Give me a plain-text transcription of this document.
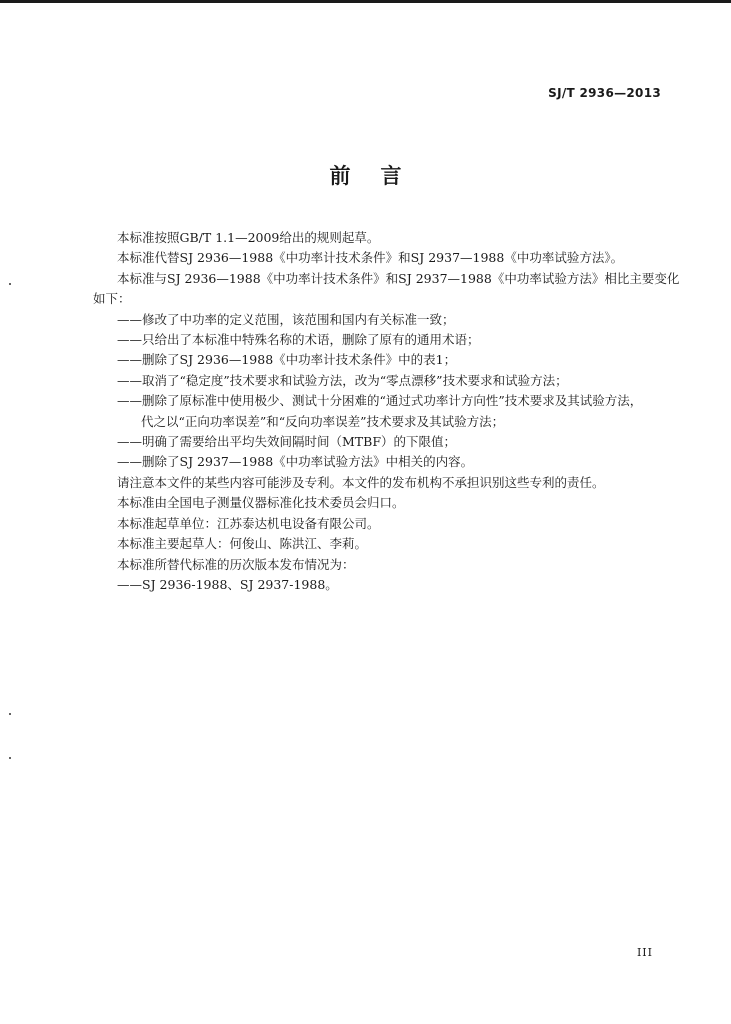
SJ/T 2936—2013
前言

本标准按照GB/T 1.1—2009给出的规则起草。

本标准代替SJ 2936—1988《中功率计技术条件》和SJ 2937—1988《中功率试验方法》。

本标准与SJ 2936—1988《中功率计技术条件》和SJ 2937—1988《中功率试验方法》相比主要变化

如下：

——修改了中功率的定义范围，该范围和国内有关标准一致；

——只给出了本标准中特殊名称的术语，删除了原有的通用术语；

——删除了SJ 2936—1988《中功率计技术条件》中的表1；

——取消了“稳定度”技术要求和试验方法，改为“零点漂移”技术要求和试验方法；

——删除了原标准中使用极少、测试十分困难的“通过式功率计方向性”技术要求及其试验方法，

代之以“正向功率误差”和“反向功率误差”技术要求及其试验方法；

——明确了需要给出平均失效间隔时间（MTBF）的下限值；

——删除了SJ 2937—1988《中功率试验方法》中相关的内容。

请注意本文件的某些内容可能涉及专利。本文件的发布机构不承担识别这些专利的责任。

本标准由全国电子测量仪器标准化技术委员会归口。

本标准起草单位：江苏泰达机电设备有限公司。

本标准主要起草人：何俊山、陈洪江、李莉。

本标准所替代标准的历次版本发布情况为：

——SJ 2936-1988、SJ 2937-1988。

III
